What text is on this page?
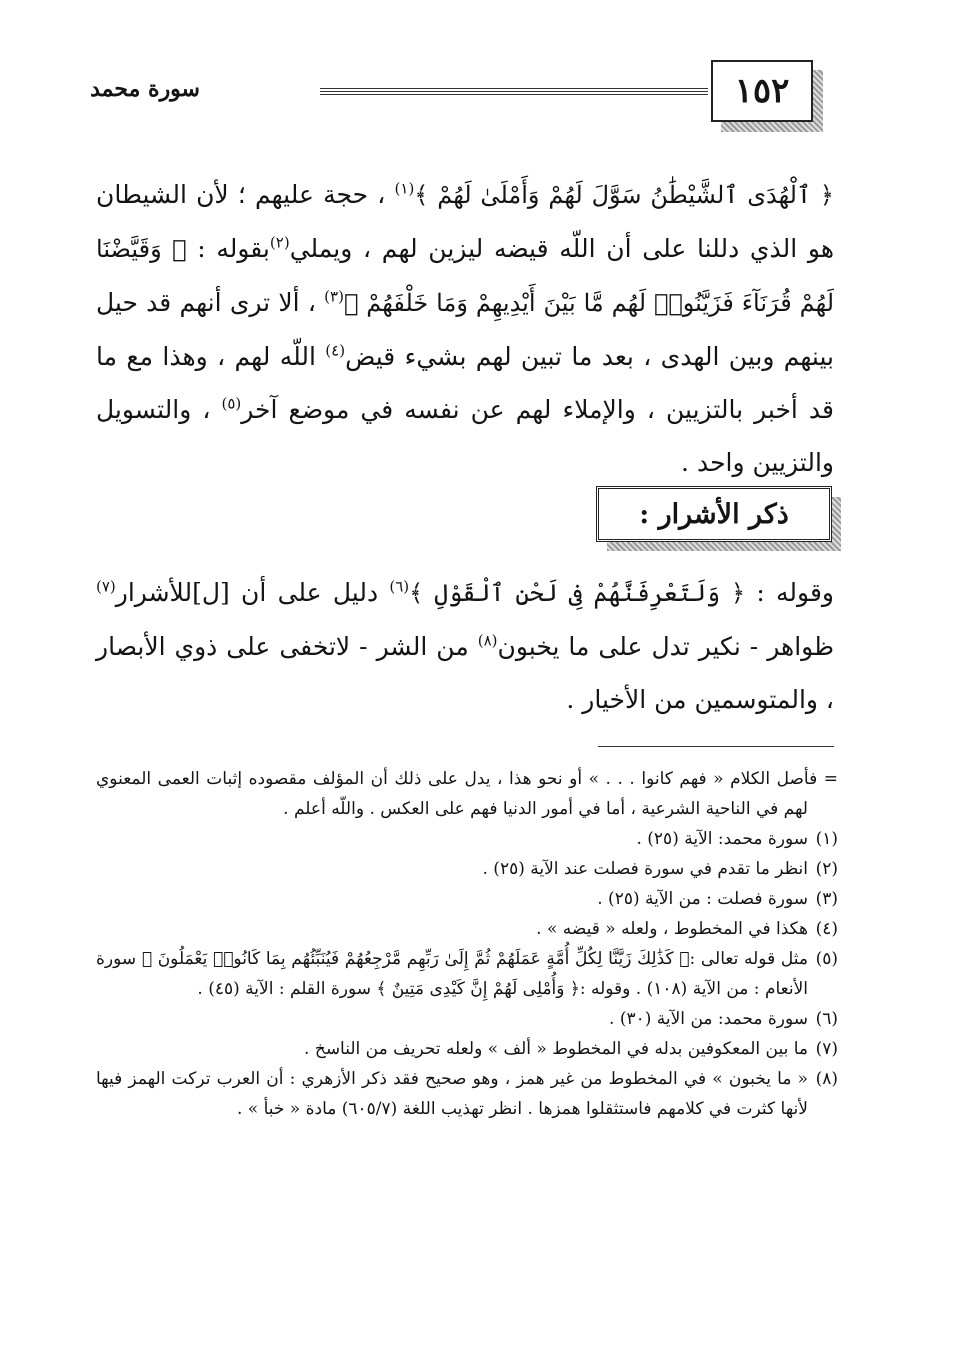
١٥٢
سورة محمد
﴿ ٱلْهُدَى ٱلشَّيْطَٰنُ سَوَّلَ لَهُمْ وَأَمْلَىٰ لَهُمْ ﴾$^{(١)}$ ، حجة عليهم ؛ لأن الشيطان هو الذي دللنا على أن اللّه قيضه ليزين لهم ، ويملي$^{(٢)}$بقوله : ﴿ وَقَيَّضْنَا لَهُمْ قُرَنَآءَ فَزَيَّنُوا۟ لَهُم مَّا بَيْنَ أَيْدِيهِمْ وَمَا خَلْفَهُمْ ﴾$^{(٣)}$ ، ألا ترى أنهم قد حيل بينهم وبين الهدى ، بعد ما تبين لهم بشيء قيض$^{(٤)}$ اللّه لهم ، وهذا مع ما قد أخبر بالتزيين ، والإملاء لهم عن نفسه في موضع آخر$^{(٥)}$ ، والتسويل والتزيين واحد .
ذكر الأشرار :
وقوله : ﴿ وَلَتَعْرِفَنَّهُمْ فِى لَحْنِ ٱلْقَوْلِ ﴾$^{(٦)}$ دليل على أن [ل]للأشرار$^{(٧)}$ ظواهر - نكير تدل على ما يخبون$^{(٨)}$ من الشر - لاتخفى على ذوي الأبصار ، والمتوسمين من الأخيار .

= فأصل الكلام « فهم كانوا . . . » أو نحو هذا ، يدل على ذلك أن المؤلف مقصوده إثبات العمى المعنوي لهم في الناحية الشرعية ، أما في أمور الدنيا فهم على العكس . واللّه أعلم .

(١)سورة محمد: الآية (٢٥) .

(٢)انظر ما تقدم في سورة فصلت عند الآية (٢٥) .

(٣)سورة فصلت : من الآية (٢٥) .

(٤)هكذا في المخطوط ، ولعله « قيضه » .

(٥)مثل قوله تعالى :﴿ كَذَٰلِكَ زَيَّنَّا لِكُلِّ أُمَّةٍ عَمَلَهُمْ ثُمَّ إِلَىٰ رَبِّهِم مَّرْجِعُهُمْ فَيُنَبِّئُهُم بِمَا كَانُوا۟ يَعْمَلُونَ ﴾ سورة الأنعام : من الآية (١٠٨) . وقوله :﴿ وَأُمْلِى لَهُمْ إِنَّ كَيْدِى مَتِينٌ ﴾ سورة القلم : الآية (٤٥) .

(٦)سورة محمد: من الآية (٣٠) .

(٧)ما بين المعكوفين بدله في المخطوط « ألف » ولعله تحريف من الناسخ .

(٨)« ما يخبون » في المخطوط من غير همز ، وهو صحيح فقد ذكر الأزهري : أن العرب تركت الهمز فيها لأنها كثرت في كلامهم فاستثقلوا همزها . انظر تهذيب اللغة (٦٠٥/٧) مادة « خبأ » .
